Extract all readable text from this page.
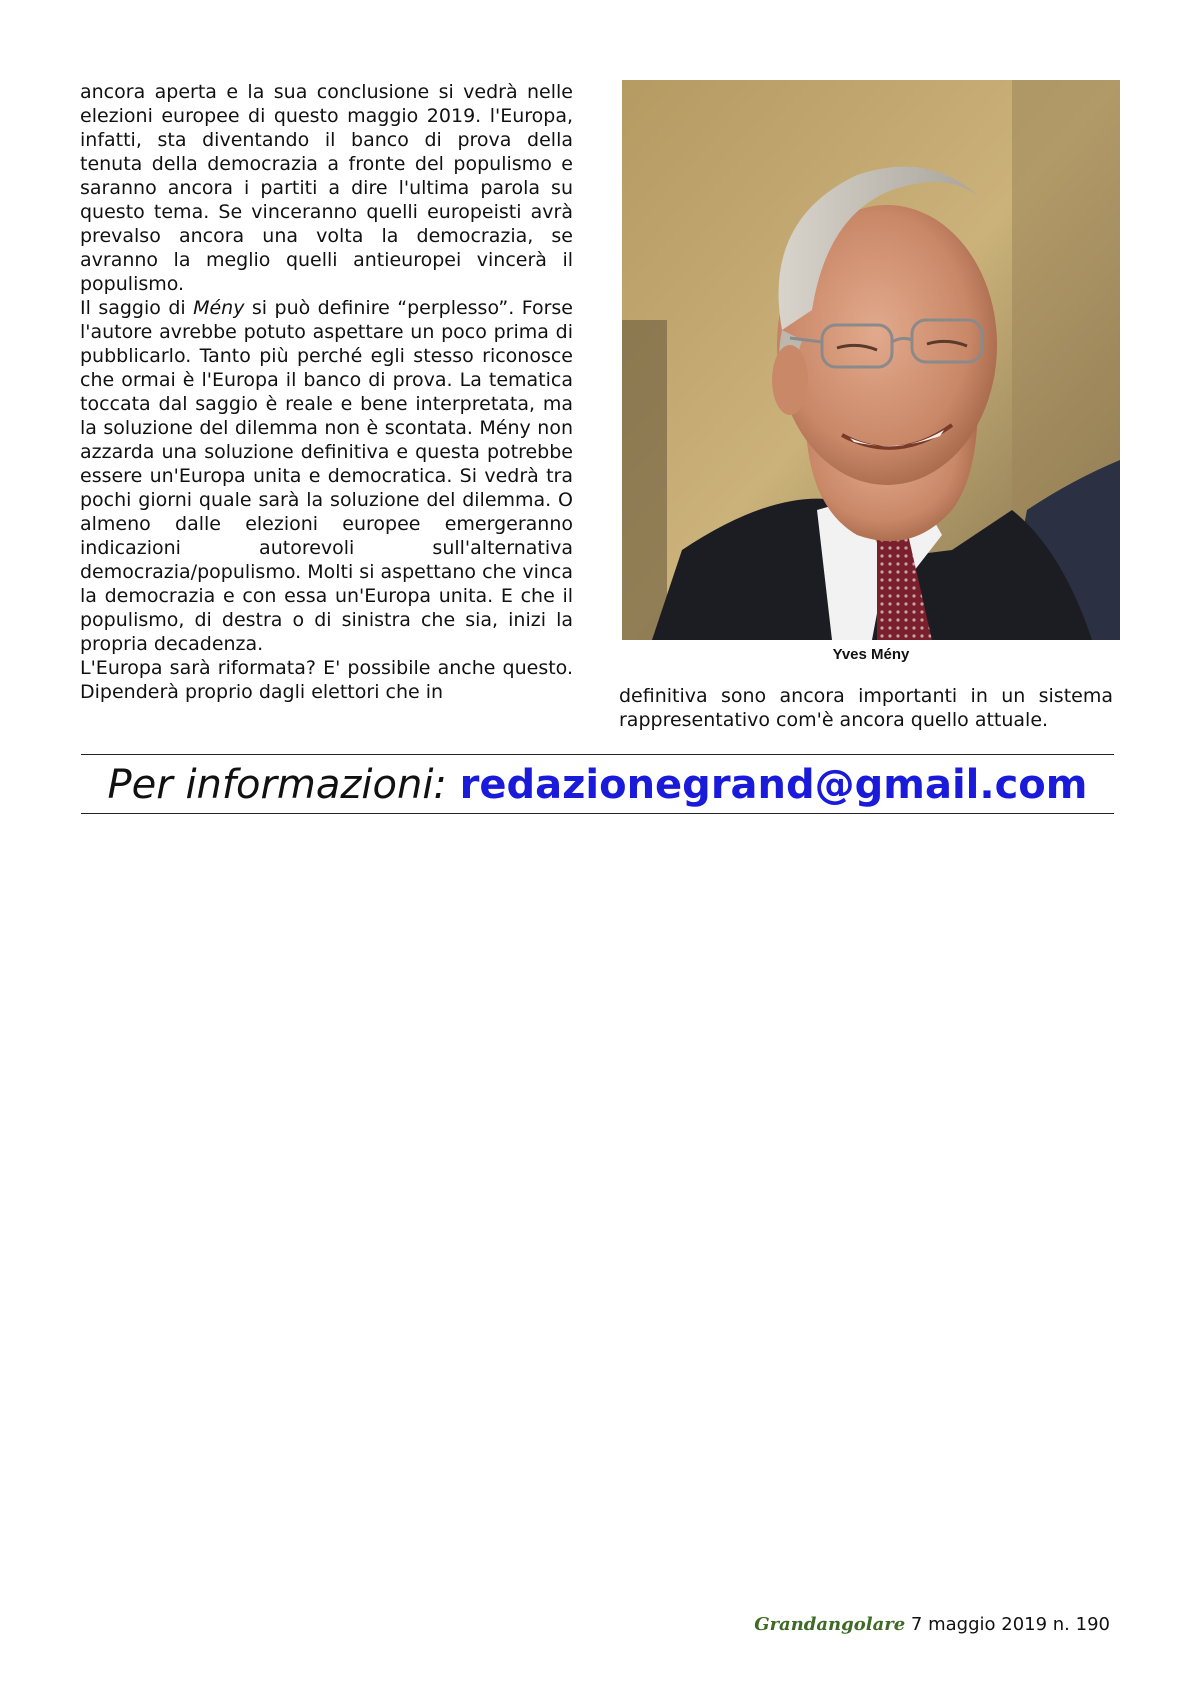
ancora aperta e la sua conclusione si vedrà nelle elezioni europee di questo maggio 2019. l'Europa, infatti, sta diventando il banco di prova della tenuta della democrazia a fronte del populismo e saranno ancora i partiti a dire l'ultima parola su questo tema. Se vinceranno quelli europeisti avrà prevalso ancora una volta la democrazia, se avranno la meglio quelli antieuropei vincerà il populismo.

Il saggio di Mény si può definire “perplesso”. Forse l'autore avrebbe potuto aspettare un poco prima di pubblicarlo. Tanto più perché egli stesso riconosce che ormai è l'Europa il banco di prova. La tematica toccata dal saggio è reale e bene interpretata, ma la soluzione del dilemma non è scontata. Mény non azzarda una soluzione definitiva e questa potrebbe essere un'Europa unita e democratica. Si vedrà tra pochi giorni quale sarà la soluzione del dilemma. O almeno dalle elezioni europee emergeranno indicazioni autorevoli sull'alternativa democrazia/populismo. Molti si aspettano che vinca la democrazia e con essa un'Europa unita. E che il populismo, di destra o di sinistra che sia, inizi la propria decadenza.

L'Europa sarà riformata? E' possibile anche questo. Dipenderà proprio dagli elettori che in

Yves Mény

definitiva sono ancora importanti in un sistema rappresentativo com'è ancora quello attuale.

Per informazioni: redazionegrand@gmail.com
Grandangolare 7 maggio 2019 n. 190
